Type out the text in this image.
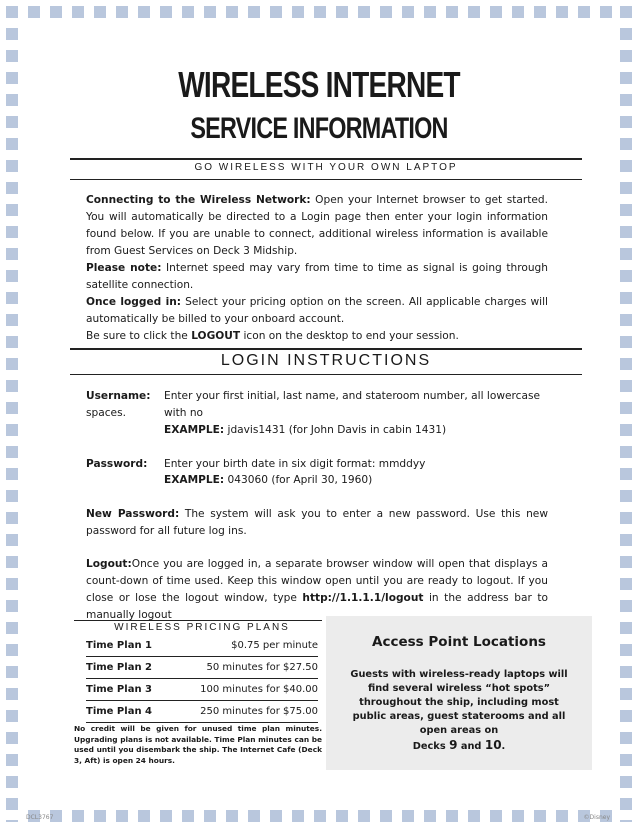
WIRELESS INTERNET
SERVICE INFORMATION
GO WIRELESS WITH YOUR OWN LAPTOP
Connecting to the Wireless Network: Open your Internet browser to get started. You will automatically be directed to a Login page then enter your login information found below. If you are unable to connect, additional wireless information is available from Guest Services on Deck 3 Midship.
Please note: Internet speed may vary from time to time as signal is going through satellite connection.
Once logged in: Select your pricing option on the screen. All applicable charges will automatically be billed to your onboard account.
Be sure to click the LOGOUT icon on the desktop to end your session.
LOGIN INSTRUCTIONS
Username: Enter your first initial, last name, and stateroom number, all lowercase with no
spaces.
EXAMPLE: jdavis1431 (for John Davis in cabin 1431)
Password: Enter your birth date in six digit format: mmddyy
EXAMPLE: 043060 (for April 30, 1960)
New Password: The system will ask you to enter a new password. Use this new password for all future log ins.
Logout:Once you are logged in, a separate browser window will open that displays a count-down of time used. Keep this window open until you are ready to logout. If you close or lose the logout window, type http://1.1.1.1/logout in the address bar to manually logout
WIRELESS PRICING PLANS
Time Plan 1	$0.75 per minute
Time Plan 2	50 minutes for $27.50
Time Plan 3	100 minutes for $40.00
Time Plan 4	250 minutes for $75.00
No credit will be given for unused time plan minutes. Upgrading plans is not available. Time Plan minutes can be used until you disembark the ship. The Internet Cafe (Deck 3, Aft) is open 24 hours.
Access Point Locations
Guests with wireless-ready laptops will find several wireless “hot spots” throughout the ship, including most public areas, guest staterooms and all open areas on
Decks 9 and 10.
DCL3767	©Disney
